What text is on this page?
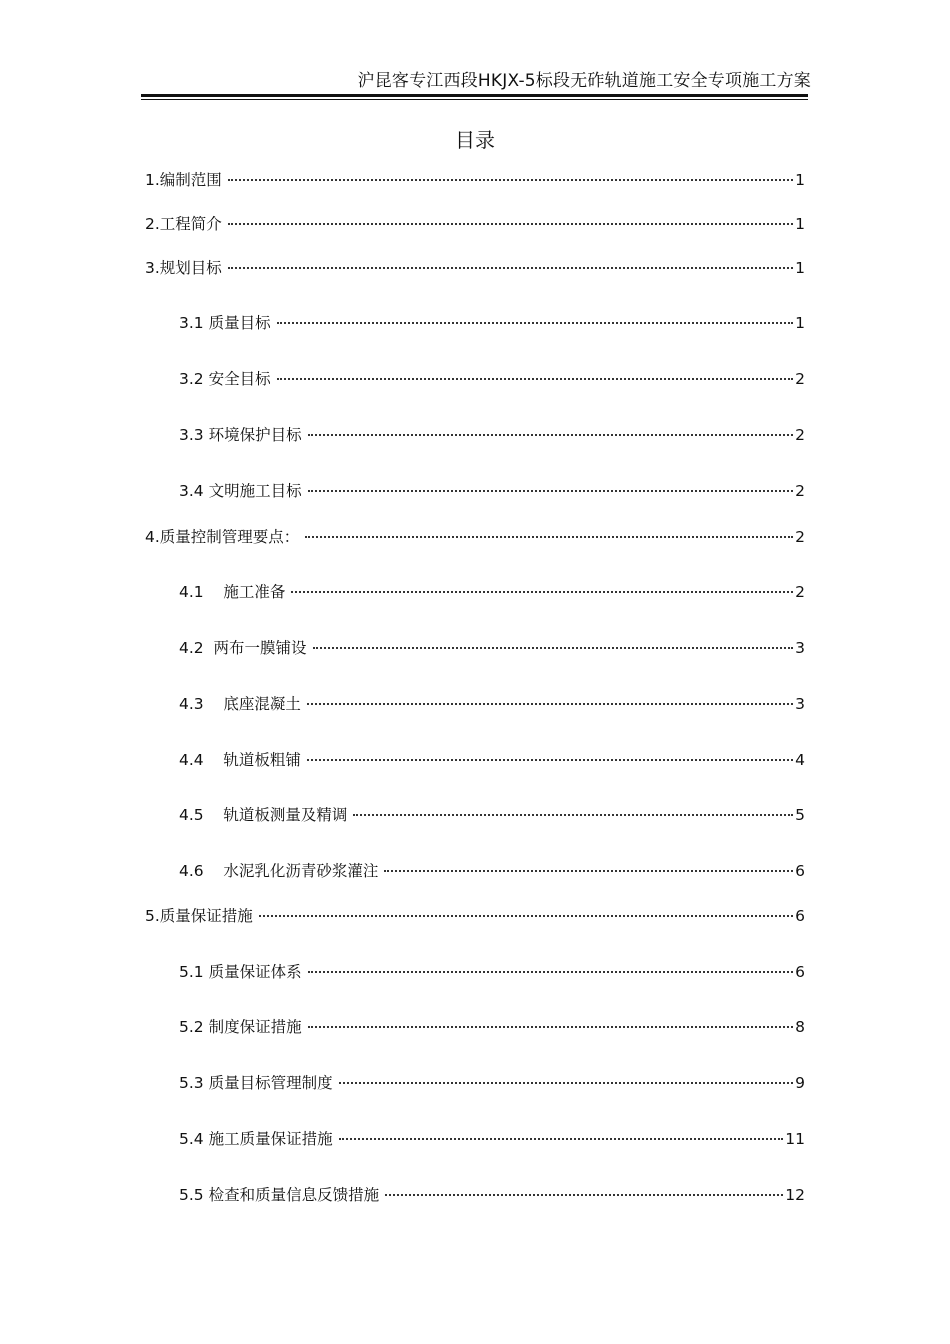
沪昆客专江西段HKJX-5标段无砟轨道施工安全专项施工方案
目录
1. 编制范围	1
2. 工程简介	1
3. 规划目标	1
3.1 质量目标	1
3.2 安全目标	2
3.3 环境保护目标	2
3.4 文明施工目标	2
4. 质量控制管理要点：	2
4.1 施工准备	2
4.2 两布一膜铺设	3
4.3 底座混凝土	3
4.4 轨道板粗铺	4
4.5 轨道板测量及精调	5
4.6 水泥乳化沥青砂浆灌注	6
5. 质量保证措施	6
5.1 质量保证体系	6
5.2 制度保证措施	8
5.3 质量目标管理制度	9
5.4 施工质量保证措施	11
5.5 检查和质量信息反馈措施	12
